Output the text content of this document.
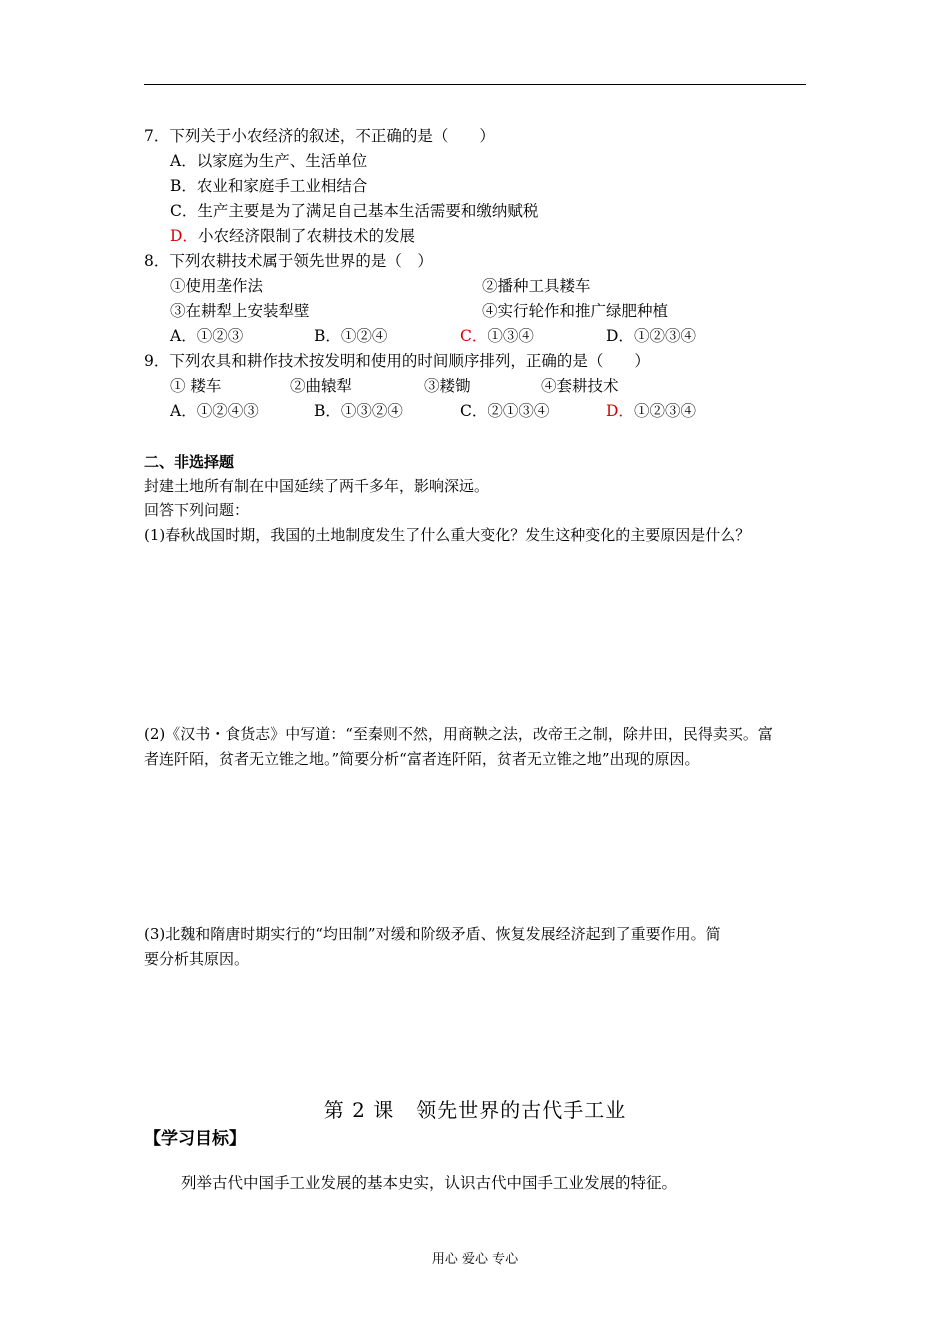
7．下列关于小农经济的叙述，不正确的是（　　）
A．以家庭为生产、生活单位
B．农业和家庭手工业相结合
C．生产主要是为了满足自己基本生活需要和缴纳赋税
D．小农经济限制了农耕技术的发展
8．下列农耕技术属于领先世界的是（　）
①使用垄作法	②播种工具耧车
③在耕犁上安装犁壁	④实行轮作和推广绿肥种植
A．①②③	B．①②④	C．①③④	D．①②③④
9．下列农具和耕作技术按发明和使用的时间顺序排列，正确的是（　　）
① 耧车	②曲辕犁	③耧锄	④套耕技术
A．①②④③	B．①③②④	C．②①③④	D．①②③④
二、非选择题
封建土地所有制在中国延续了两千多年，影响深远。
回答下列问题：
(1)春秋战国时期，我国的土地制度发生了什么重大变化？发生这种变化的主要原因是什么？
(2)《汉书・食货志》中写道：“至秦则不然，用商鞅之法，改帝王之制，除井田，民得卖买。富
者连阡陌，贫者无立锥之地。”简要分析“富者连阡陌，贫者无立锥之地”出现的原因。
(3)北魏和隋唐时期实行的“均田制”对缓和阶级矛盾、恢复发展经济起到了重要作用。简
要分析其原因。
第 2 课 领先世界的古代手工业
【学习目标】
列举古代中国手工业发展的基本史实，认识古代中国手工业发展的特征。
用心 爱心 专心
